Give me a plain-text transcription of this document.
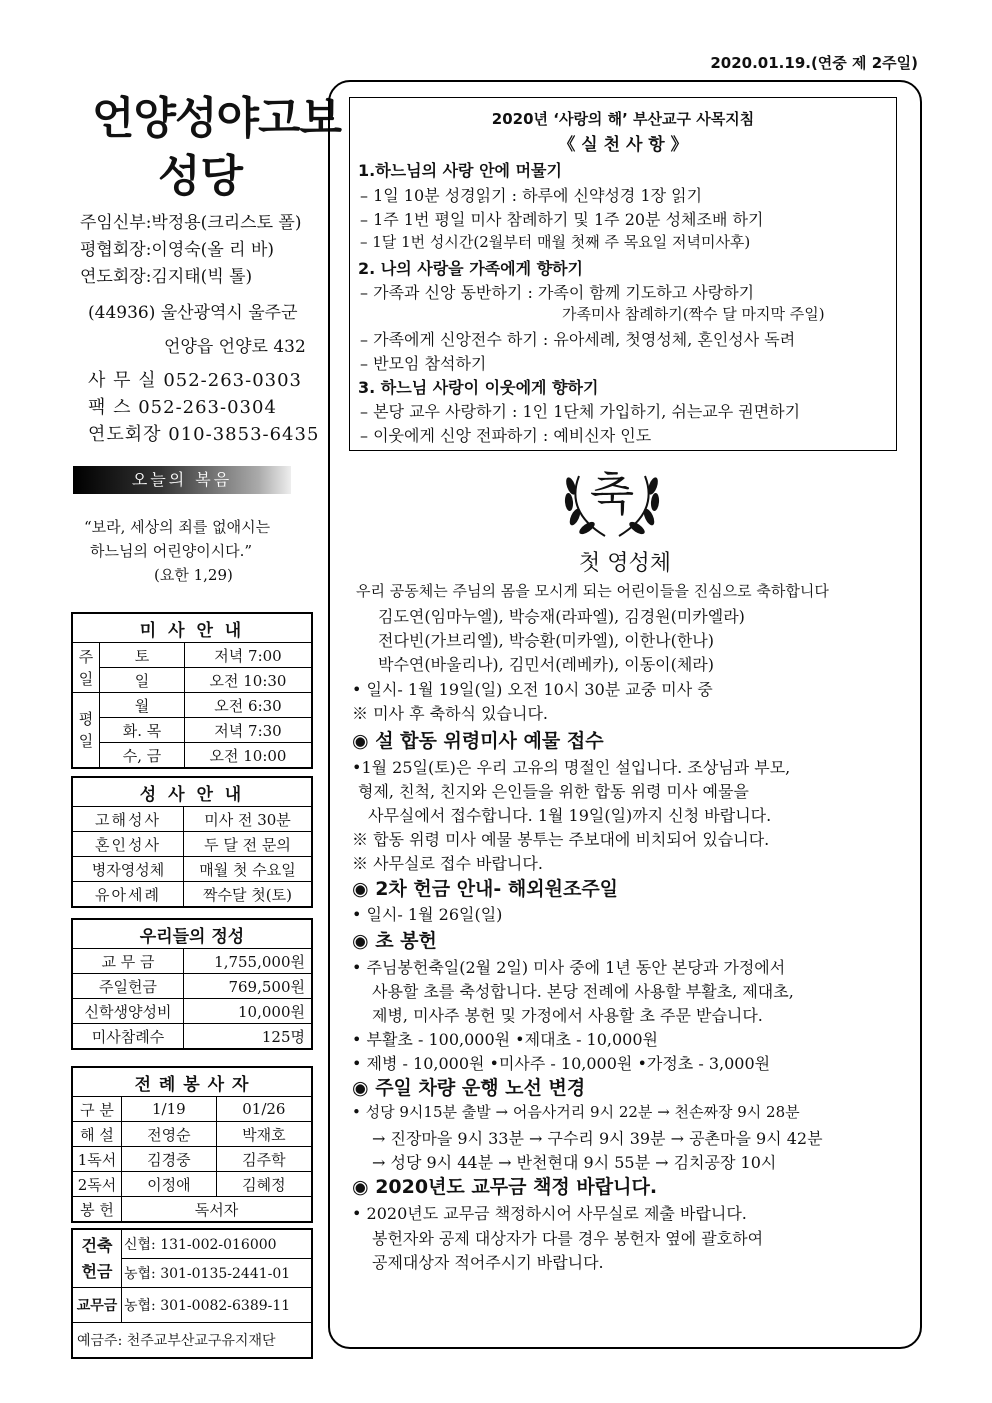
2020.01.19.(연중 제 2주일)
언양성야고보
성당
주임신부:박정용(크리스토 폴)
평협회장:이영숙(올 리 바)
연도회장:김지태(빅 톨)
(44936) 울산광역시 울주군
언양읍 언양로 432
사 무 실 052-263-0303
팩 스 052-263-0304
연도회장 010-3853-6435
오늘의 복음
“보라, 세상의 죄를 없애시는
하느님의 어린양이시다.”
(요한 1,29)
미 사 안 내		
주일	토	저녁 7:00
	일	오전 10:30
평일	월	오전 6:30
	화. 목	저녁 7:30
	수, 금	오전 10:00
성 사 안 내	
고해성사	미사 전 30분
혼인성사	두 달 전 문의
병자영성체	매월 첫 수요일
유아세례	짝수달 첫(토)
우리들의 정성	
교 무 금	1,755,000원
주일헌금	769,500원
신학생양성비	10,000원
미사참례수	125명
전 례 봉 사 자		
구 분	1/19	01/26
해 설	전영순	박재호
1독서	김경중	김주학
2독서	이정애	김혜정
봉 헌	독서자	
건축헌금	신협: 131-002-016000
	농협: 301-0135-2441-01
교무금	농협: 301-0082-6389-11
예금주: 천주교부산교구유지재단	
2020년 ‘사랑의 해’ 부산교구 사목지침
《 실 천 사 항 》
1.하느님의 사랑 안에 머물기
– 1일 10분 성경읽기 : 하루에 신약성경 1장 읽기
– 1주 1번 평일 미사 참례하기 및 1주 20분 성체조배 하기
– 1달 1번 성시간(2월부터 매월 첫째 주 목요일 저녁미사후)
2. 나의 사랑을 가족에게 향하기
– 가족과 신앙 동반하기 : 가족이 함께 기도하고 사랑하기
가족미사 참례하기(짝수 달 마지막 주일)
– 가족에게 신앙전수 하기 : 유아세례, 첫영성체, 혼인성사 독려
– 반모임 참석하기
3. 하느님 사랑이 이웃에게 향하기
– 본당 교우 사랑하기 : 1인 1단체 가입하기, 쉬는교우 권면하기
– 이웃에게 신앙 전파하기 : 예비신자 인도
축
첫 영성체
우리 공동체는 주님의 몸을 모시게 되는 어린이들을 진심으로 축하합니다
김도연(임마누엘), 박승재(라파엘), 김경원(미카엘라)
전다빈(가브리엘), 박승환(미카엘), 이한나(한나)
박수연(바울리나), 김민서(레베카), 이동이(체라)
• 일시- 1월 19일(일) 오전 10시 30분 교중 미사 중
※ 미사 후 축하식 있습니다.
◉ 설 합동 위령미사 예물 접수
•1월 25일(토)은 우리 고유의 명절인 설입니다. 조상님과 부모,
형제, 친척, 친지와 은인들을 위한 합동 위령 미사 예물을
사무실에서 접수합니다. 1월 19일(일)까지 신청 바랍니다.
※ 합동 위령 미사 예물 봉투는 주보대에 비치되어 있습니다.
※ 사무실로 접수 바랍니다.
◉ 2차 헌금 안내- 해외원조주일
• 일시- 1월 26일(일)
◉ 초 봉헌
• 주님봉헌축일(2월 2일) 미사 중에 1년 동안 본당과 가정에서
사용할 초를 축성합니다. 본당 전례에 사용할 부활초, 제대초,
제병, 미사주 봉헌 및 가정에서 사용할 초 주문 받습니다.
• 부활초 - 100,000원 •제대초 - 10,000원
• 제병 - 10,000원 •미사주 - 10,000원 •가정초 - 3,000원
◉ 주일 차량 운행 노선 변경
• 성당 9시15분 출발 → 어음사거리 9시 22분 → 천손짜장 9시 28분
→ 진장마을 9시 33분 → 구수리 9시 39분 → 공촌마을 9시 42분
→ 성당 9시 44분 → 반천현대 9시 55분 → 김치공장 10시
◉ 2020년도 교무금 책정 바랍니다.
• 2020년도 교무금 책정하시어 사무실로 제출 바랍니다.
봉헌자와 공제 대상자가 다를 경우 봉헌자 옆에 괄호하여
공제대상자 적어주시기 바랍니다.
